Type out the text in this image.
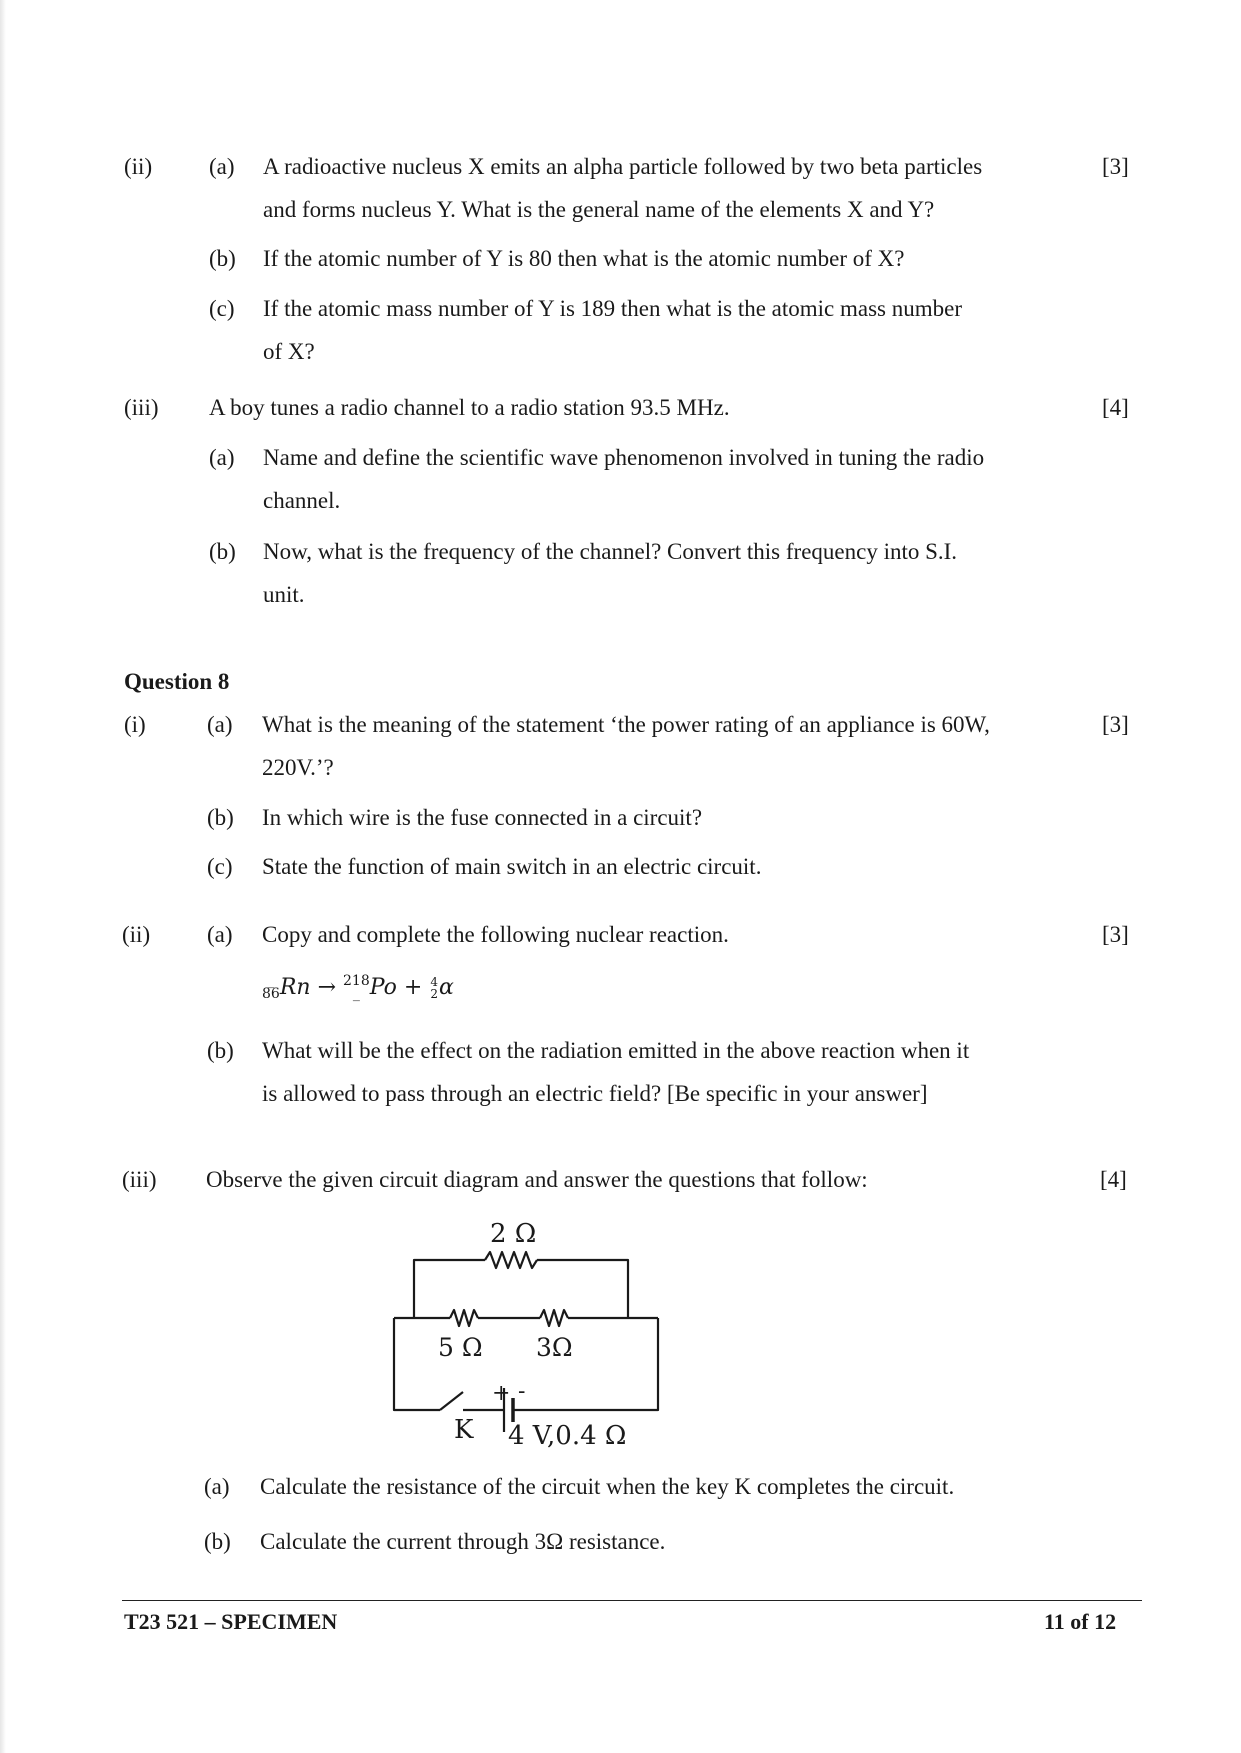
(ii) (a) A radioactive nucleus X emits an alpha particle followed by two beta particles	[3]
and forms nucleus Y. What is the general name of the elements X and Y?
(b) If the atomic number of Y is 80 then what is the atomic number of X?
(c) If the atomic mass number of Y is 189 then what is the atomic mass number
of X?
(iii) A boy tunes a radio channel to a radio station 93.5 MHz.	[4]
(a) Name and define the scientific wave phenomenon involved in tuning the radio
channel.
(b) Now, what is the frequency of the channel? Convert this frequency into S.I.
unit.
Question 8
(i)	(a) What is the meaning of the statement ‘the power rating of an appliance is 60W,	[3]
220V.’?
(b) In which wire is the fuse connected in a circuit?
(c) State the function of main switch in an electric circuit.
(ii) (a) Copy and complete the following nuclear reaction.	[3]
_
86 Rn → 218
_ Po + 4
2 α
(b) What will be the effect on the radiation emitted in the above reaction when it
is allowed to pass through an electric field? [Be specific in your answer]
(iii) Observe the given circuit diagram and answer the questions that follow:	[4]
2 Ω
5 Ω 3Ω
+ -
K 4 V,0.4 Ω
(a) Calculate the resistance of the circuit when the key K completes the circuit.
(b) Calculate the current through 3Ω resistance.
T23 521 – SPECIMEN	11 of 12
